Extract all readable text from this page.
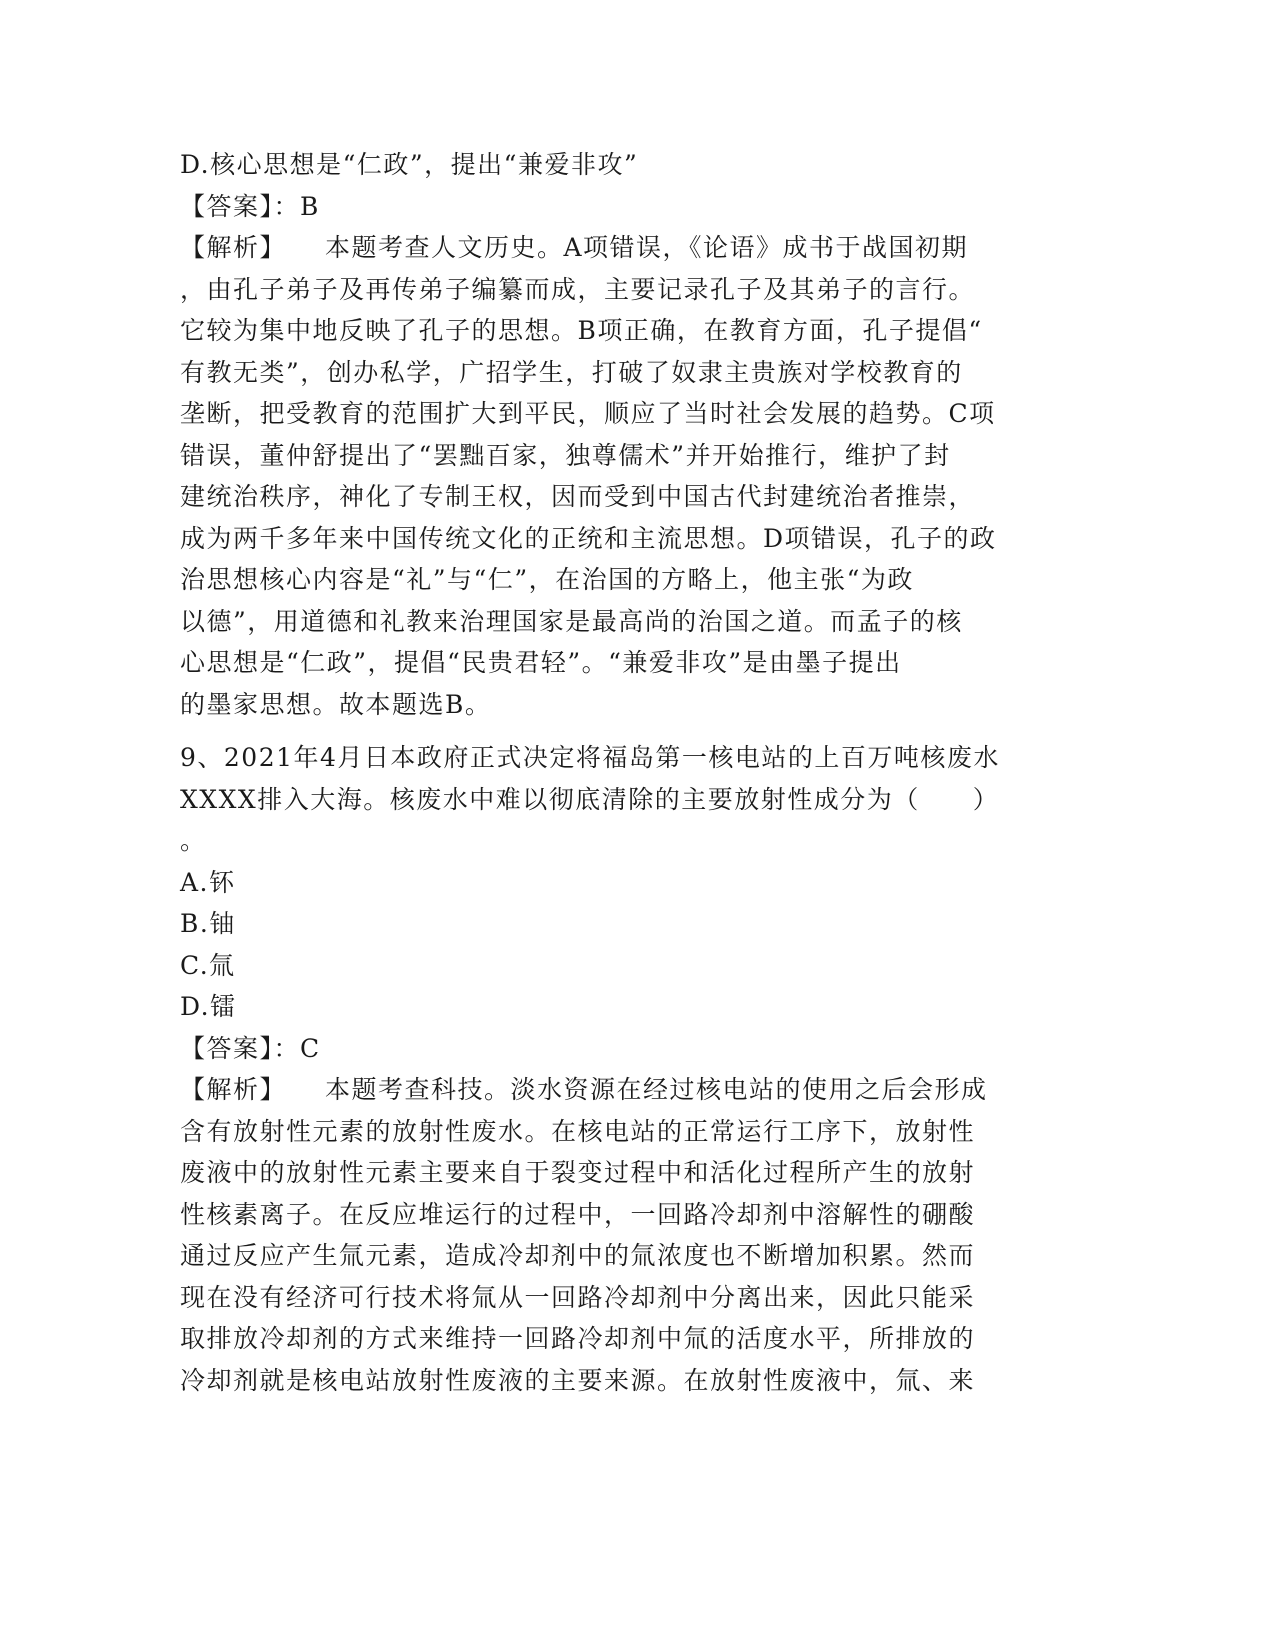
D.核心思想是“仁政”，提出“兼爱非攻”
【答案】：B
【解析】 本题考查人文历史。A项错误，《论语》成书于战国初期
，由孔子弟子及再传弟子编纂而成，主要记录孔子及其弟子的言行。
它较为集中地反映了孔子的思想。B项正确，在教育方面，孔子提倡“
有教无类”，创办私学，广招学生，打破了奴隶主贵族对学校教育的
垄断，把受教育的范围扩大到平民，顺应了当时社会发展的趋势。C项
错误，董仲舒提出了“罢黜百家，独尊儒术”并开始推行，维护了封
建统治秩序，神化了专制王权，因而受到中国古代封建统治者推崇，
成为两千多年来中国传统文化的正统和主流思想。D项错误，孔子的政
治思想核心内容是“礼”与“仁”，在治国的方略上，他主张“为政
以德”，用道德和礼教来治理国家是最高尚的治国之道。而孟子的核
心思想是“仁政”，提倡“民贵君轻”。“兼爱非攻”是由墨子提出
的墨家思想。故本题选B。
9、2021年4月日本政府正式决定将福岛第一核电站的上百万吨核废水
XXXX排入大海。核废水中难以彻底清除的主要放射性成分为（　　）
。
A.钚
B.铀
C.氚
D.镭
【答案】：C
【解析】 本题考查科技。淡水资源在经过核电站的使用之后会形成
含有放射性元素的放射性废水。在核电站的正常运行工序下，放射性
废液中的放射性元素主要来自于裂变过程中和活化过程所产生的放射
性核素离子。在反应堆运行的过程中，一回路冷却剂中溶解性的硼酸
通过反应产生氚元素，造成冷却剂中的氚浓度也不断增加积累。然而
现在没有经济可行技术将氚从一回路冷却剂中分离出来，因此只能采
取排放冷却剂的方式来维持一回路冷却剂中氚的活度水平，所排放的
冷却剂就是核电站放射性废液的主要来源。在放射性废液中，氚、来
